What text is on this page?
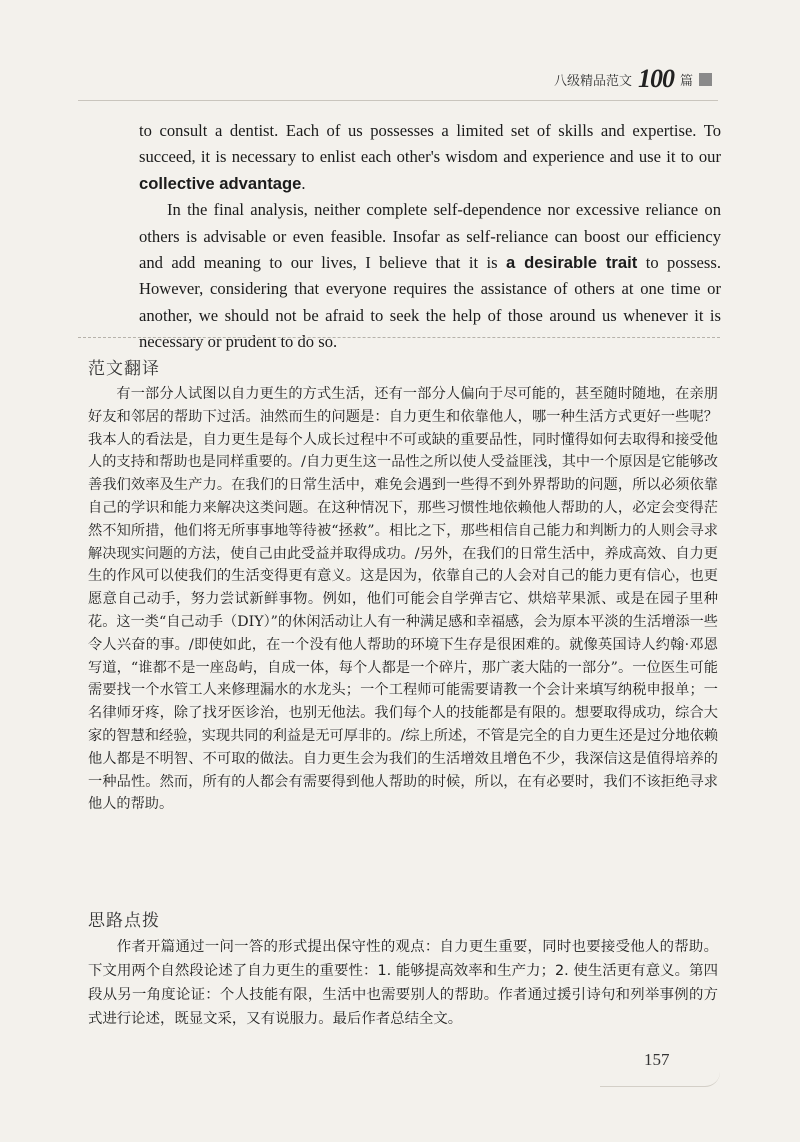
八级精品范文 100 篇

to consult a dentist. Each of us possesses a limited set of skills and expertise. To succeed, it is necessary to enlist each other's wisdom and experience and use it to our collective advantage.

In the final analysis, neither complete self-dependence nor excessive reliance on others is advisable or even feasible. Insofar as self-reliance can boost our efficiency and add meaning to our lives, I believe that it is a desirable trait to possess. However, considering that everyone requires the assistance of others at one time or another, we should not be afraid to seek the help of those around us whenever it is necessary or prudent to do so.

范文翻译

有一部分人试图以自力更生的方式生活，还有一部分人偏向于尽可能的，甚至随时随地，在亲朋好友和邻居的帮助下过活。油然而生的问题是：自力更生和依靠他人，哪一种生活方式更好一些呢？我本人的看法是，自力更生是每个人成长过程中不可或缺的重要品性，同时懂得如何去取得和接受他人的支持和帮助也是同样重要的。/自力更生这一品性之所以使人受益匪浅，其中一个原因是它能够改善我们效率及生产力。在我们的日常生活中，难免会遇到一些得不到外界帮助的问题，所以必须依靠自己的学识和能力来解决这类问题。在这种情况下，那些习惯性地依赖他人帮助的人，必定会变得茫然不知所措，他们将无所事事地等待被“拯救”。相比之下，那些相信自己能力和判断力的人则会寻求解决现实问题的方法，使自己由此受益并取得成功。/另外，在我们的日常生活中，养成高效、自力更生的作风可以使我们的生活变得更有意义。这是因为，依靠自己的人会对自己的能力更有信心，也更愿意自己动手，努力尝试新鲜事物。例如，他们可能会自学弹吉它、烘焙苹果派、或是在园子里种花。这一类“自己动手（DIY）”的休闲活动让人有一种满足感和幸福感，会为原本平淡的生活增添一些令人兴奋的事。/即使如此，在一个没有他人帮助的环境下生存是很困难的。就像英国诗人约翰·邓恩写道，“谁都不是一座岛屿，自成一体，每个人都是一个碎片，那广袤大陆的一部分”。一位医生可能需要找一个水管工人来修理漏水的水龙头；一个工程师可能需要请教一个会计来填写纳税申报单；一名律师牙疼，除了找牙医诊治，也别无他法。我们每个人的技能都是有限的。想要取得成功，综合大家的智慧和经验，实现共同的利益是无可厚非的。/综上所述，不管是完全的自力更生还是过分地依赖他人都是不明智、不可取的做法。自力更生会为我们的生活增效且增色不少，我深信这是值得培养的一种品性。然而，所有的人都会有需要得到他人帮助的时候，所以，在有必要时，我们不该拒绝寻求他人的帮助。

思路点拨

作者开篇通过一问一答的形式提出保守性的观点：自力更生重要，同时也要接受他人的帮助。下文用两个自然段论述了自力更生的重要性：1. 能够提高效率和生产力；2. 使生活更有意义。第四段从另一角度论证：个人技能有限，生活中也需要别人的帮助。作者通过援引诗句和列举事例的方式进行论述，既显文采，又有说服力。最后作者总结全文。

157
